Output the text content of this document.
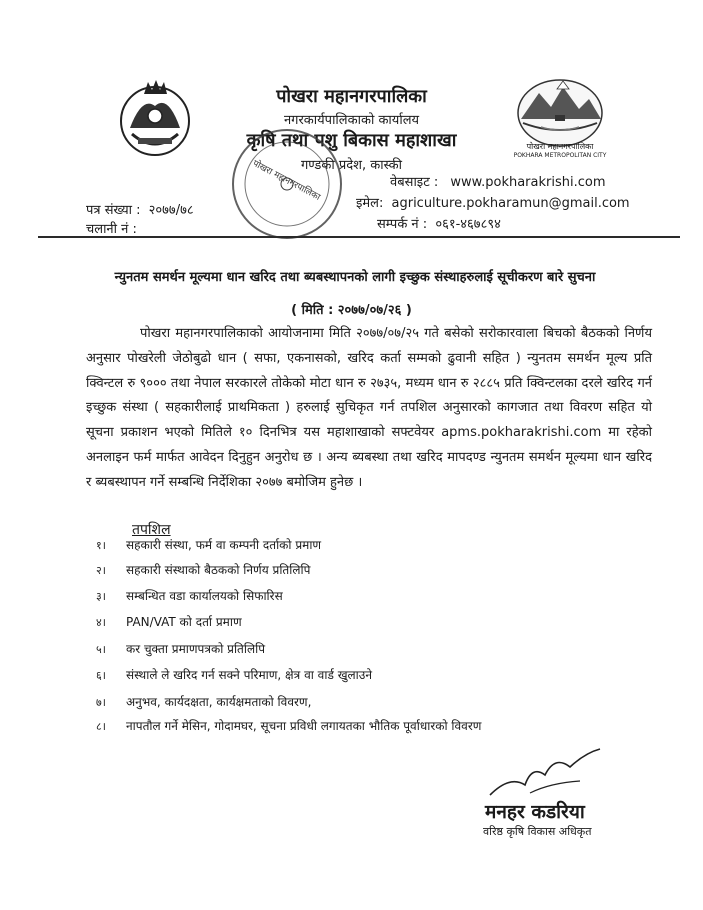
पोखरा महानगरपालिका
नगरकार्यपालिकाको कार्यालय
कृषि तथा पशु बिकास महाशाखा
गण्डकी प्रदेश, कास्की
पोखरा महानगरपालिका
POKHARA METROPOLITAN CITY
पोखरा महानगरपालिका	वेबसाइट : www.pokharakrishi.com
इमेल: agriculture.pokharamun@gmail.com
सम्पर्क नं : ०६१-४६७८९४
पत्र संख्या : २०७७/७८
चलानी नं :
न्युनतम समर्थन मूल्यमा धान खरिद तथा ब्यबस्थापनको लागी इच्छुक संस्थाहरुलाई सूचीकरण बारे सुचना
( मिति : २०७७/०७/२६ )
पोखरा महानगरपालिकाको आयोजनामा मिति २०७७/०७/२५ गते बसेको सरोकारवाला बिचको बैठकको निर्णय अनुसार पोखरेली जेठोबुढो धान ( सफा, एकनासको, खरिद कर्ता सम्मको ढुवानी सहित ) न्युनतम समर्थन मूल्य प्रति क्विन्टल रु ९००० तथा नेपाल सरकारले तोकेको मोटा धान रु २७३५, मध्यम धान रु २८८५ प्रति क्विन्टलका दरले खरिद गर्न इच्छुक संस्था ( सहकारीलाई प्राथमिकता ) हरुलाई सुचिकृत गर्न तपशिल अनुसारको कागजात तथा विवरण सहित यो सूचना प्रकाशन भएको मितिले १० दिनभित्र यस महाशाखाको सफ्टवेयर apms.pokharakrishi.com मा रहेको अनलाइन फर्म मार्फत आवेदन दिनुहुन अनुरोध छ । अन्य ब्यबस्था तथा खरिद मापदण्ड न्युनतम समर्थन मूल्यमा धान खरिद र ब्यबस्थापन गर्ने सम्बन्धि निर्देशिका २०७७ बमोजिम हुनेछ ।
तपशिल
१। सहकारी संस्था, फर्म वा कम्पनी दर्ताको प्रमाण
२। सहकारी संस्थाको बैठकको निर्णय प्रतिलिपि
३। सम्बन्धित वडा कार्यालयको सिफारिस
४। PAN/VAT को दर्ता प्रमाण
५। कर चुक्ता प्रमाणपत्रको प्रतिलिपि
६। संस्थाले ले खरिद गर्न सक्ने परिमाण, क्षेत्र वा वार्ड खुलाउने
७। अनुभव, कार्यदक्षता, कार्यक्षमताको विवरण,
८। नापतौल गर्ने मेसिन, गोदामघर, सूचना प्रविधी लगायतका भौतिक पूर्वाधारको विवरण
मनहर कडरिया
वरिष्ठ कृषि विकास अधिकृत
